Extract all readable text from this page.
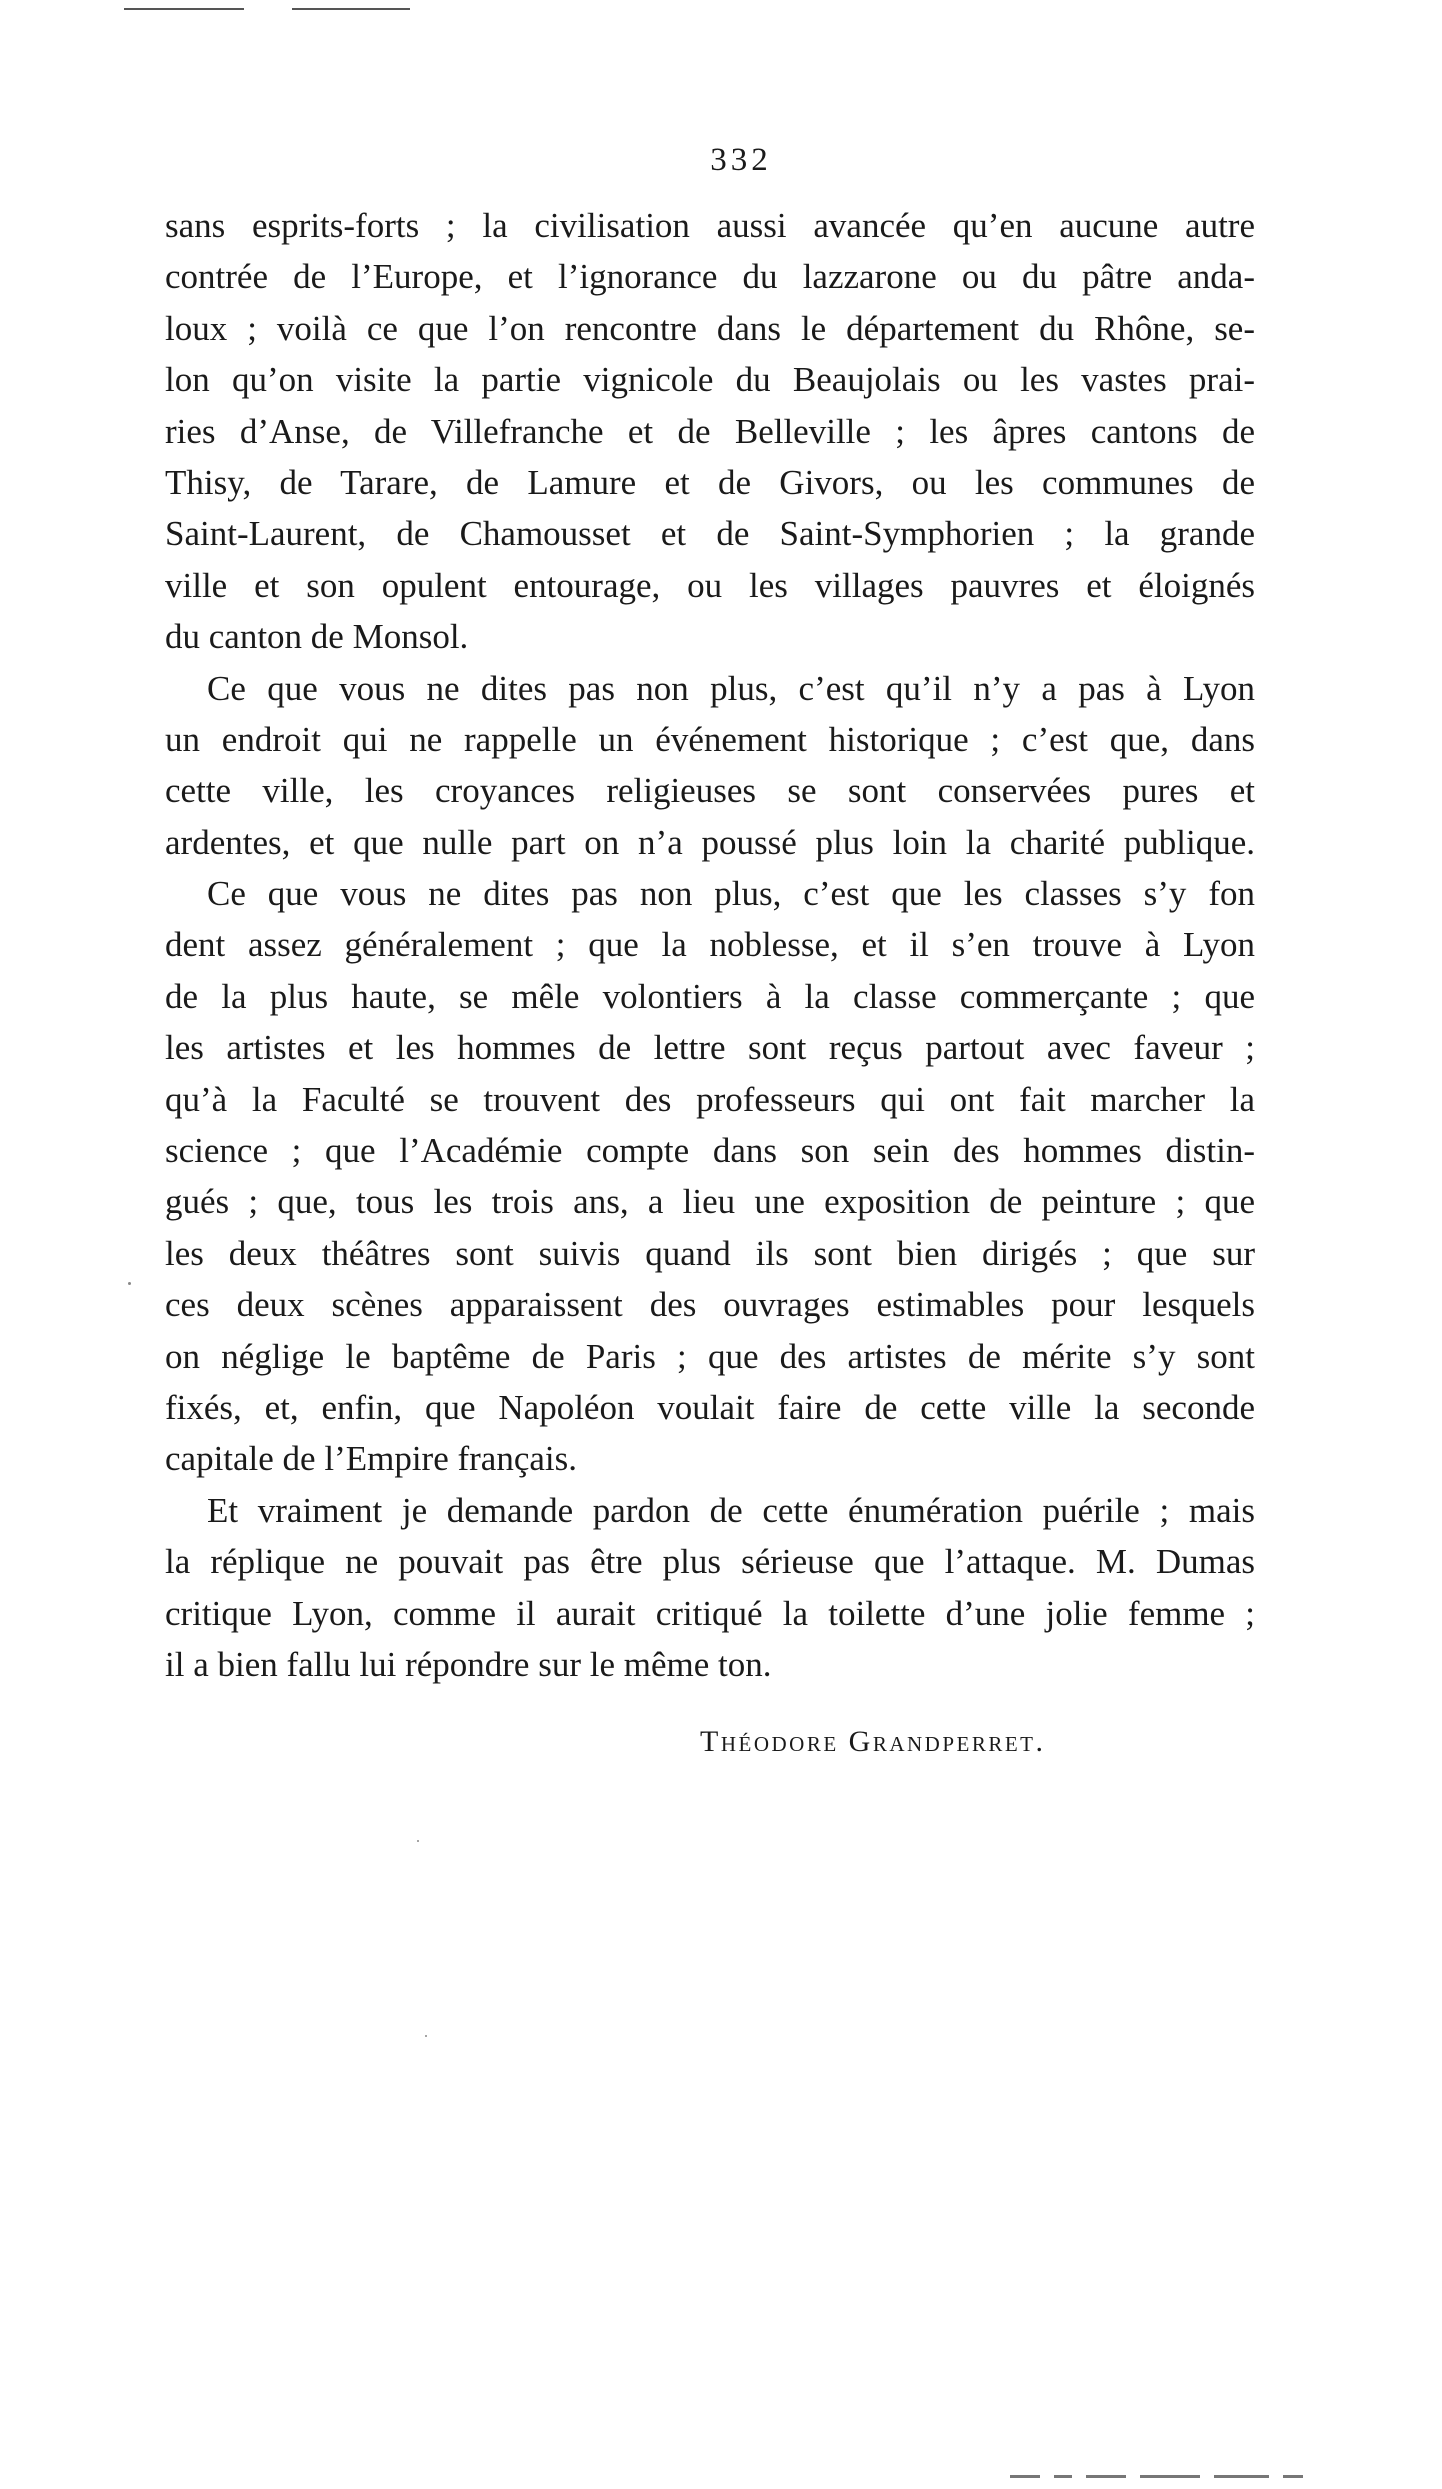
332
sans esprits-forts ; la civilisation aussi avancée qu’en aucune autre
contrée de l’Europe, et l’ignorance du lazzarone ou du pâtre anda-
loux ; voilà ce que l’on rencontre dans le département du Rhône, se-
lon qu’on visite la partie vignicole du Beaujolais ou les vastes prai-
ries d’Anse, de Villefranche et de Belleville ; les âpres cantons de
Thisy, de Tarare, de Lamure et de Givors, ou les communes de
Saint-Laurent, de Chamousset et de Saint-Symphorien ; la grande
ville et son opulent entourage, ou les villages pauvres et éloignés
du canton de Monsol.
Ce que vous ne dites pas non plus, c’est qu’il n’y a pas à Lyon
un endroit qui ne rappelle un événement historique ; c’est que, dans
cette ville, les croyances religieuses se sont conservées pures et
ardentes, et que nulle part on n’a poussé plus loin la charité publique.
Ce que vous ne dites pas non plus, c’est que les classes s’y fon
dent assez généralement ; que la noblesse, et il s’en trouve à Lyon
de la plus haute, se mêle volontiers à la classe commerçante ; que
les artistes et les hommes de lettre sont reçus partout avec faveur ;
qu’à la Faculté se trouvent des professeurs qui ont fait marcher la
science ; que l’Académie compte dans son sein des hommes distin-
gués ; que, tous les trois ans, a lieu une exposition de peinture ; que
les deux théâtres sont suivis quand ils sont bien dirigés ; que sur
ces deux scènes apparaissent des ouvrages estimables pour lesquels
on néglige le baptême de Paris ; que des artistes de mérite s’y sont
fixés, et, enfin, que Napoléon voulait faire de cette ville la seconde
capitale de l’Empire français.
Et vraiment je demande pardon de cette énumération puérile ; mais
la réplique ne pouvait pas être plus sérieuse que l’attaque. M. Dumas
critique Lyon, comme il aurait critiqué la toilette d’une jolie femme ;
il a bien fallu lui répondre sur le même ton.
Théodore Grandperret.
